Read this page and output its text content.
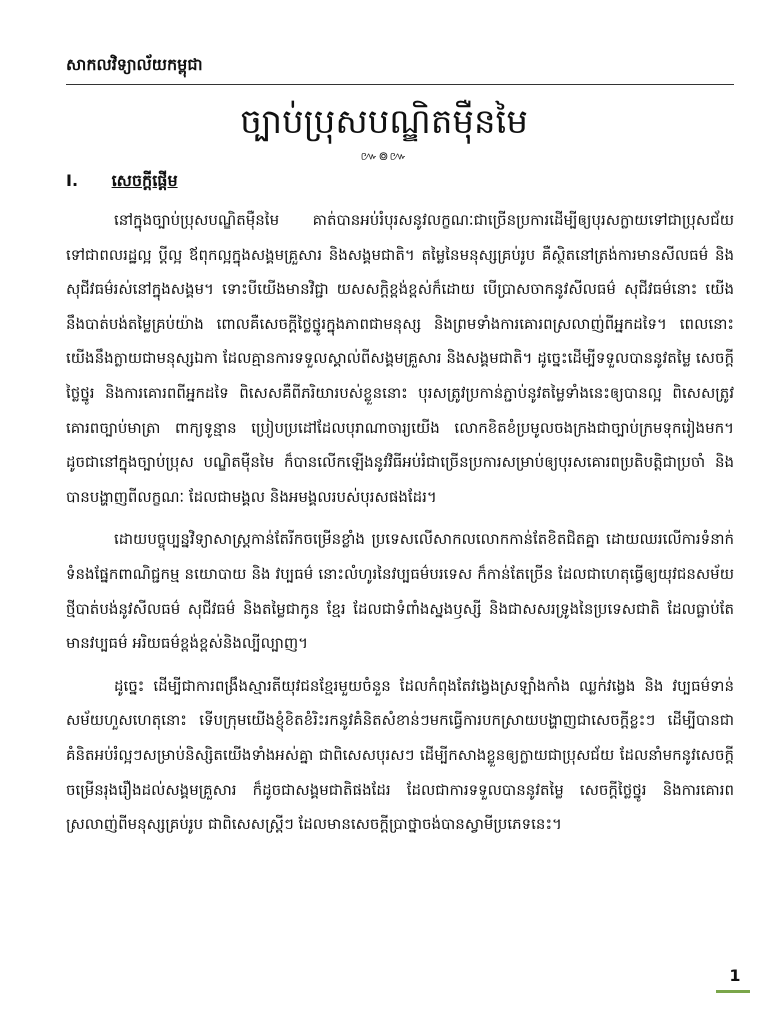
សាកលវិទ្យាល័យកម្ពុជា
ច្បាប់ប្រុសបណ្ឌិតម៉ឺនមៃ
៚៙៚
I. សេចក្តីផ្តើម

នៅក្នុងច្បាប់ប្រុសបណ្ឌិតម៉ឺនមៃ គាត់បានអប់រំបុរសនូវលក្ខណៈជាច្រើនប្រការដើម្បីឲ្យបុរសក្លាយទៅជាប្រុសជ័យ ទៅជាពលរដ្ឋល្អ ប្តីល្អ ឪពុកល្អក្នុងសង្គមគ្រួសារ និងសង្គមជាតិ។ តម្លៃនៃមនុស្សគ្រប់រូប គឺស្ថិតនៅត្រង់ការមានសីលធម៌ និងសុជីវធម៌រស់នៅក្នុងសង្គម។ ទោះបីយើងមានវិជ្ជា យសសក្តិខ្ពង់ខ្ពស់ក៏ដោយ បើប្រាសចាកនូវសីលធម៌ សុជីវធម៌នោះ យើងនឹងបាត់បង់តម្លៃគ្រប់យ៉ាង ពោលគឺសេចក្តីថ្លៃថ្នូរក្នុងភាពជាមនុស្ស និងព្រមទាំងការគោរពស្រលាញ់ពីអ្នកដទៃ។ ពេលនោះយើងនឹងក្លាយជាមនុស្សឯកា ដែលគ្មានការទទួលស្គាល់ពីសង្គមគ្រួសារ និងសង្គមជាតិ។ ដូច្នេះដើម្បីទទួលបាននូវតម្លៃ សេចក្តីថ្លៃថ្នូរ និងការគោរពពីអ្នកដទៃ ពិសេសគឺពីភរិយារបស់ខ្លួននោះ បុរសត្រូវប្រកាន់ភ្ជាប់នូវតម្លៃទាំងនេះឲ្យបានល្អ ពិសេសត្រូវគោរពច្បាប់មាត្រា ពាក្យទូន្មាន ប្រៀបប្រដៅដែលបុរាណាចារ្យយើង លោកខិតខំប្រមូលចងក្រងជាច្បាប់ក្រមទុករៀងមក។ ដូចជានៅក្នុងច្បាប់ប្រុស បណ្ឌិតម៉ឺនមៃ ក៏បានលើកឡើងនូវវិធីអប់រំជាច្រើនប្រការសម្រាប់ឲ្យបុរសគោរពប្រតិបត្តិជាប្រចាំ និងបានបង្ហាញពីលក្ខណៈ ដែលជាមង្គល និងអមង្គលរបស់បុរសផងដែរ។

ដោយបច្ចុប្បន្នវិទ្យាសាស្ត្រកាន់តែរីកចម្រើនខ្លាំង ប្រទេសលើសាកលលោកកាន់តែខិតជិតគ្នា ដោយឈរលើការទំនាក់ទំនងផ្នែកពាណិជ្ជកម្ម នយោបាយ និង វប្បធម៌ នោះលំហូរនៃវប្បធម៌បរទេស ក៏កាន់តែច្រើន ដែលជាហេតុធ្វើឲ្យយុវជនសម័យថ្មីបាត់បង់នូវសីលធម៌ សុជីវធម៌ និងតម្លៃជាកូន ខ្មែរ ដែលជាទំពាំងស្នងឫស្សី និងជាសសរទ្រូងនៃប្រទេសជាតិ ដែលធ្លាប់តែមានវប្បធម៌ អរិយធម៌ខ្ពង់ខ្ពស់និងល្បីល្បាញ។

ដូច្នេះ ដើម្បីជាការពង្រឹងស្មារតីយុវជនខ្មែរមួយចំនួន ដែលកំពុងតែវង្វេងស្រឡាំងកាំង ឈ្លក់វង្វេង និង វប្បធម៌ទាន់សម័យហួសហេតុនោះ ទើបក្រុមយើងខ្ញុំខិតខំរិះរកនូវគំនិតសំខាន់ៗមកធ្វើការបកស្រាយបង្ហាញជាសេចក្តីខ្លះៗ ដើម្បីបានជា គំនិតអប់រំល្អៗសម្រាប់និស្សិតយើងទាំងអស់គ្នា ជាពិសេសបុរសៗ ដើម្បីកសាងខ្លួនឲ្យក្លាយជាប្រុសជ័យ ដែលនាំមកនូវសេចក្តីចម្រើនរុងរឿងដល់សង្គមគ្រួសារ ក៏ដូចជាសង្គមជាតិផងដែរ ដែលជាការទទួលបាននូវតម្លៃ សេចក្តីថ្លៃថ្នូរ និងការគោរពស្រលាញ់ពីមនុស្សគ្រប់រូប ជាពិសេសស្ត្រីៗ ដែលមានសេចក្តីប្រាថ្នាចង់បានស្វាមីប្រភេទនេះ។

1
